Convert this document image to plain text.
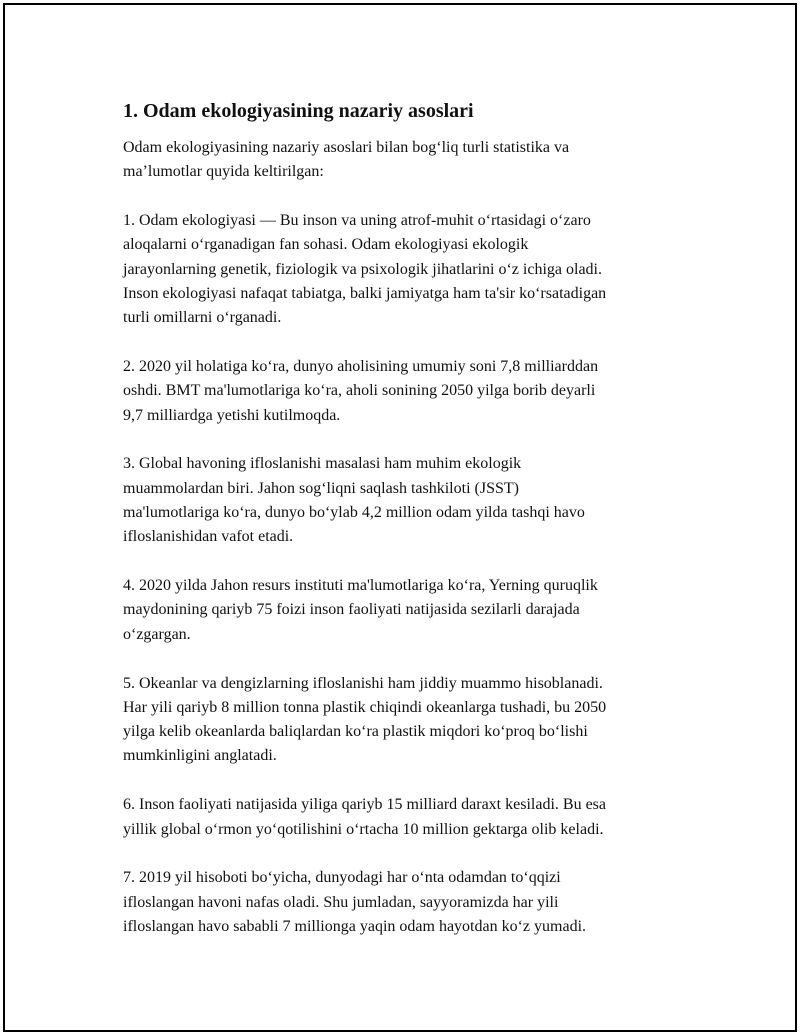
1. Odam ekologiyasining nazariy asoslari

Odam ekologiyasining nazariy asoslari bilan bog‘liq turli statistika va
ma’lumotlar quyida keltirilgan:

1. Odam ekologiyasi — Bu inson va uning atrof-muhit o‘rtasidagi o‘zaro
aloqalarni o‘rganadigan fan sohasi. Odam ekologiyasi ekologik
jarayonlarning genetik, fiziologik va psixologik jihatlarini o‘z ichiga oladi.
Inson ekologiyasi nafaqat tabiatga, balki jamiyatga ham ta'sir ko‘rsatadigan
turli omillarni o‘rganadi.

2. 2020 yil holatiga ko‘ra, dunyo aholisining umumiy soni 7,8 milliarddan
oshdi. BMT ma'lumotlariga ko‘ra, aholi sonining 2050 yilga borib deyarli
9,7 milliardga yetishi kutilmoqda.

3. Global havoning ifloslanishi masalasi ham muhim ekologik
muammolardan biri. Jahon sog‘liqni saqlash tashkiloti (JSST)
ma'lumotlariga ko‘ra, dunyo bo‘ylab 4,2 million odam yilda tashqi havo
ifloslanishidan vafot etadi.

4. 2020 yilda Jahon resurs instituti ma'lumotlariga ko‘ra, Yerning quruqlik
maydonining qariyb 75 foizi inson faoliyati natijasida sezilarli darajada
o‘zgargan.

5. Okeanlar va dengizlarning ifloslanishi ham jiddiy muammo hisoblanadi.
Har yili qariyb 8 million tonna plastik chiqindi okeanlarga tushadi, bu 2050
yilga kelib okeanlarda baliqlardan ko‘ra plastik miqdori ko‘proq bo‘lishi
mumkinligini anglatadi.

6. Inson faoliyati natijasida yiliga qariyb 15 milliard daraxt kesiladi. Bu esa
yillik global o‘rmon yo‘qotilishini o‘rtacha 10 million gektarga olib keladi.

7. 2019 yil hisoboti bo‘yicha, dunyodagi har o‘nta odamdan to‘qqizi
ifloslangan havoni nafas oladi. Shu jumladan, sayyoramizda har yili
ifloslangan havo sababli 7 millionga yaqin odam hayotdan ko‘z yumadi.
